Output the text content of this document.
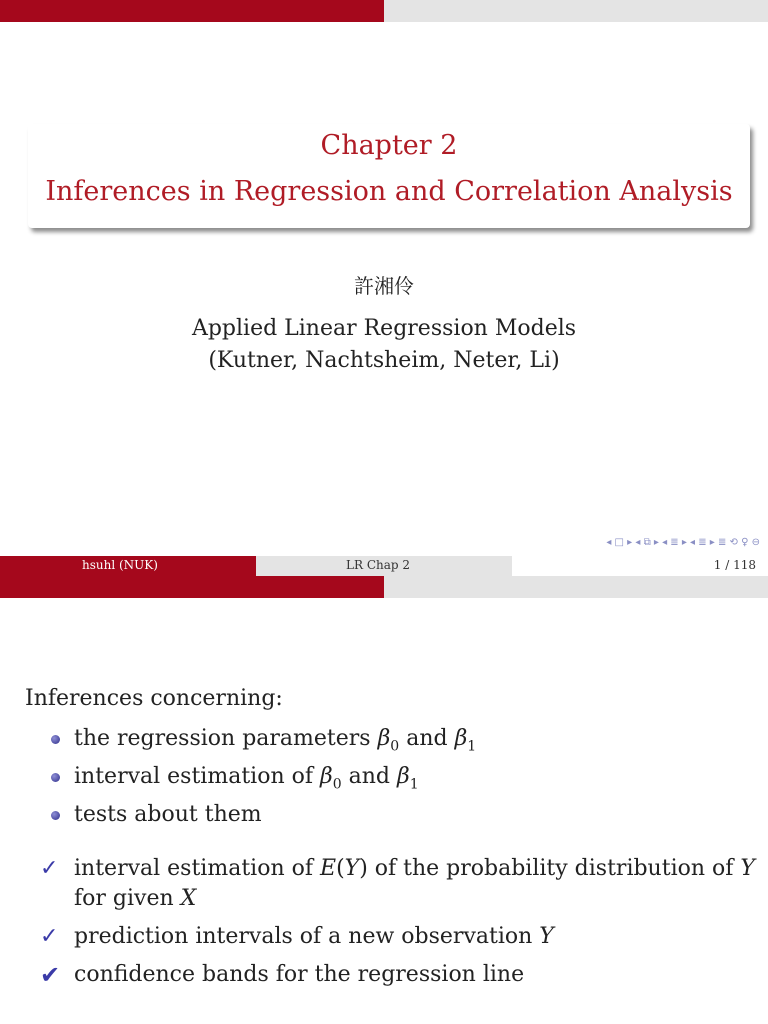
Chapter 2
Inferences in Regression and Correlation Analysis
許湘伶
Applied Linear Regression Models
(Kutner, Nachtsheim, Neter, Li)
◂ □ ▸ ◂ ⧉ ▸ ◂ ≣ ▸ ◂ ≣ ▸ ≣ ⟲ ♀ ⊖
hsuhl (NUK)	LR Chap 2	1 / 118
Inferences concerning:
the regression parameters $\beta_0$ and $\beta_1$
interval estimation of $\beta_0$ and $\beta_1$
tests about them
✓ interval estimation of E(Y) of the probability distribution of Y for given X
✓ prediction intervals of a new observation Y
✔ confidence bands for the regression line
